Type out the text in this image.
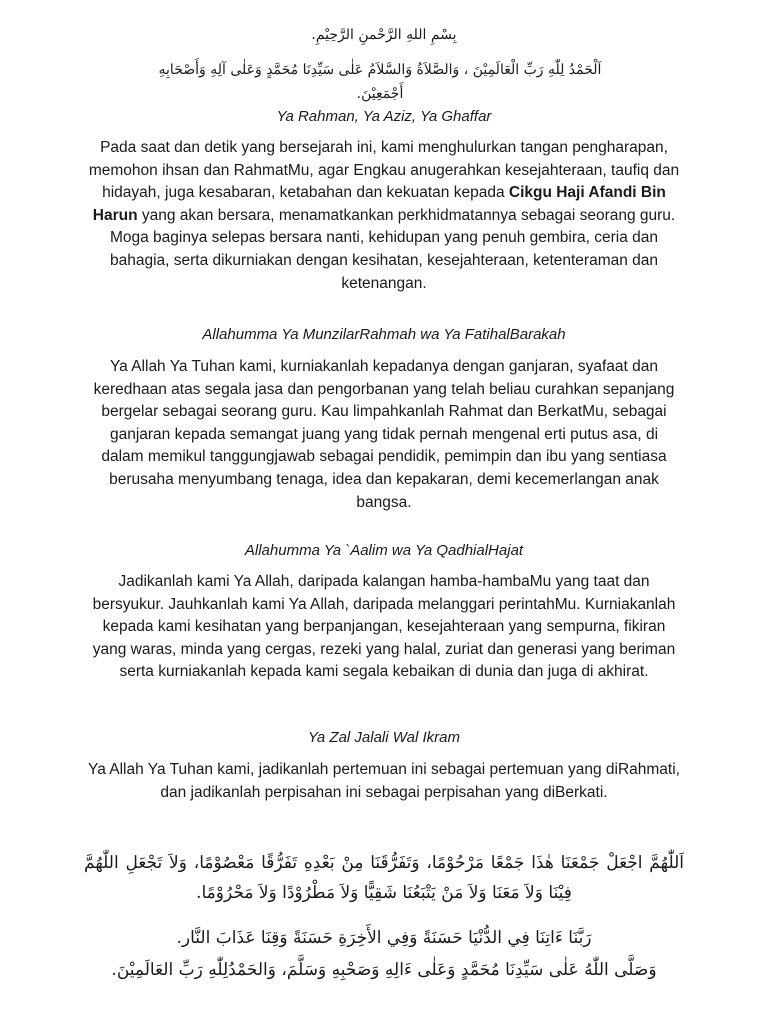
بِسْمِ اللهِ الرَّحْمنِ الرَّحِيْمِ.

اَلْحَمْدُ لِلّٰهِ رَبِّ الْعَالَمِيْنَ ، وَالصَّلاَةُ وَالسَّلاَمُ عَلٰى سَيِّدِنَا مُحَمَّدٍ وَعَلٰى آلِهِ وَأَصْحَابِهِ أَجْمَعِيْنَ.

Ya Rahman, Ya Aziz, Ya Ghaffar

Pada saat dan detik yang bersejarah ini, kami menghulurkan tangan pengharapan, memohon ihsan dan RahmatMu, agar Engkau anugerahkan kesejahteraan, taufiq dan hidayah, juga kesabaran, ketabahan dan kekuatan kepada Cikgu Haji Afandi Bin Harun yang akan bersara, menamatkankan perkhidmatannya sebagai seorang guru. Moga baginya selepas bersara nanti, kehidupan yang penuh gembira, ceria dan bahagia, serta dikurniakan dengan kesihatan, kesejahteraan, ketenteraman dan ketenangan.

Allahumma Ya MunzilarRahmah wa Ya FatihalBarakah

Ya Allah Ya Tuhan kami, kurniakanlah kepadanya dengan ganjaran, syafaat dan keredhaan atas segala jasa dan pengorbanan yang telah beliau curahkan sepanjang bergelar sebagai seorang guru. Kau limpahkanlah Rahmat dan BerkatMu, sebagai ganjaran kepada semangat juang yang tidak pernah mengenal erti putus asa, di dalam memikul tanggungjawab sebagai pendidik, pemimpin dan ibu yang sentiasa berusaha menyumbang tenaga, idea dan kepakaran, demi kecemerlangan anak bangsa.

Allahumma Ya `Aalim wa Ya QadhialHajat

Jadikanlah kami Ya Allah, daripada kalangan hamba-hambaMu yang taat dan bersyukur. Jauhkanlah kami Ya Allah, daripada melanggari perintahMu. Kurniakanlah kepada kami kesihatan yang berpanjangan, kesejahteraan yang sempurna, fikiran yang waras, minda yang cergas, rezeki yang halal, zuriat dan generasi yang beriman serta kurniakanlah kepada kami segala kebaikan di dunia dan juga di akhirat.

Ya Zal Jalali Wal Ikram

Ya Allah Ya Tuhan kami, jadikanlah pertemuan ini sebagai pertemuan yang diRahmati, dan jadikanlah perpisahan ini sebagai perpisahan yang diBerkati.

اَللّٰهُمَّ اجْعَلْ جَمْعَنَا هٰذَا جَمْعًا مَرْحُوْمًا، وَتَفَرُّقَنَا مِنْ بَعْدِهِ تَفَرُّقًا مَعْصُوْمًا، وَلاَ تَجْعَلِ اللّٰهُمَّ فِيْنَا وَلاَ مَعَنَا وَلاَ مَنْ يَتْبَعُنَا شَقِيًّا وَلاَ مَطْرُوْدًا وَلاَ مَحْرُوْمًا.

رَبَّنَا ءَاتِنَا فِي الدُّنْيَا حَسَنَةً وَفِي الأَخِرَةِ حَسَنَةً وَقِنَا عَذَابَ النَّار.

وَصَلَّى اللّٰهُ عَلٰى سَيِّدِنَا مُحَمَّدٍ وَعَلٰى ءَالِهِ وَصَحْبِهِ وَسَلَّمَ، وَالحَمْدُلِلّٰهِ رَبِّ العَالَمِيْنَ.
